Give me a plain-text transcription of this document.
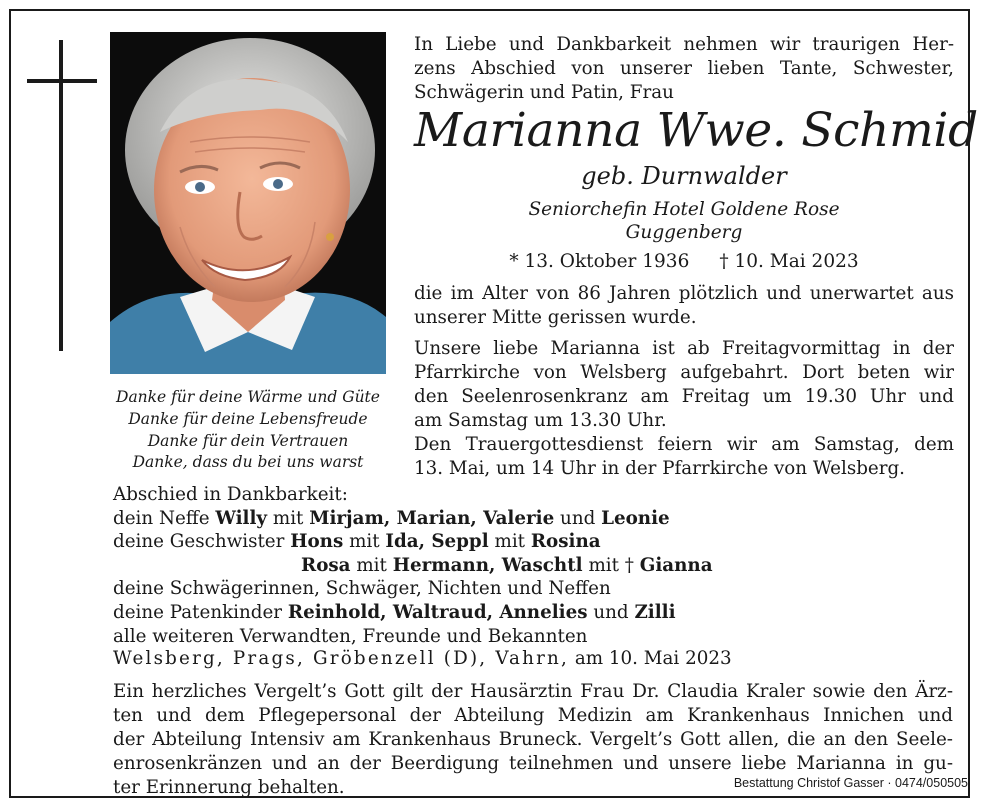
Danke für deine Wärme und Güte
Danke für deine Lebensfreude
Danke für dein Vertrauen
Danke, dass du bei uns warst
In Liebe und Dankbarkeit nehmen wir traurigen Her-
zens Abschied von unserer lieben Tante, Schwester,
Schwägerin und Patin, Frau
Marianna Wwe. Schmid
geb. Durnwalder
Seniorchefin Hotel Goldene Rose
Guggenberg
* 13. Oktober 1936 † 10. Mai 2023
die im Alter von 86 Jahren plötzlich und unerwartet aus
unserer Mitte gerissen wurde.
Unsere liebe Marianna ist ab Freitagvormittag in der
Pfarrkirche von Welsberg aufgebahrt. Dort beten wir
den Seelenrosenkranz am Freitag um 19.30 Uhr und
am Samstag um 13.30 Uhr.
Den Trauergottesdienst feiern wir am Samstag, dem
13. Mai, um 14 Uhr in der Pfarrkirche von Welsberg.
Abschied in Dankbarkeit:
dein Neffe Willy mit Mirjam, Marian, Valerie und Leonie
deine Geschwister Hons mit Ida, Seppl mit Rosina
Rosa mit Hermann, Waschtl mit † Gianna
deine Schwägerinnen, Schwäger, Nichten und Neffen
deine Patenkinder Reinhold, Waltraud, Annelies und Zilli
alle weiteren Verwandten, Freunde und Bekannten
Welsberg, Prags, Gröbenzell (D), Vahrn, am 10. Mai 2023
Ein herzliches Vergelt’s Gott gilt der Hausärztin Frau Dr. Claudia Kraler sowie den Ärz-
ten und dem Pflegepersonal der Abteilung Medizin am Krankenhaus Innichen und
der Abteilung Intensiv am Krankenhaus Bruneck. Vergelt’s Gott allen, die an den Seele-
enrosenkränzen und an der Beerdigung teilnehmen und unsere liebe Marianna in gu-
ter Erinnerung behalten.	Bestattung Christof Gasser · 0474/050505
